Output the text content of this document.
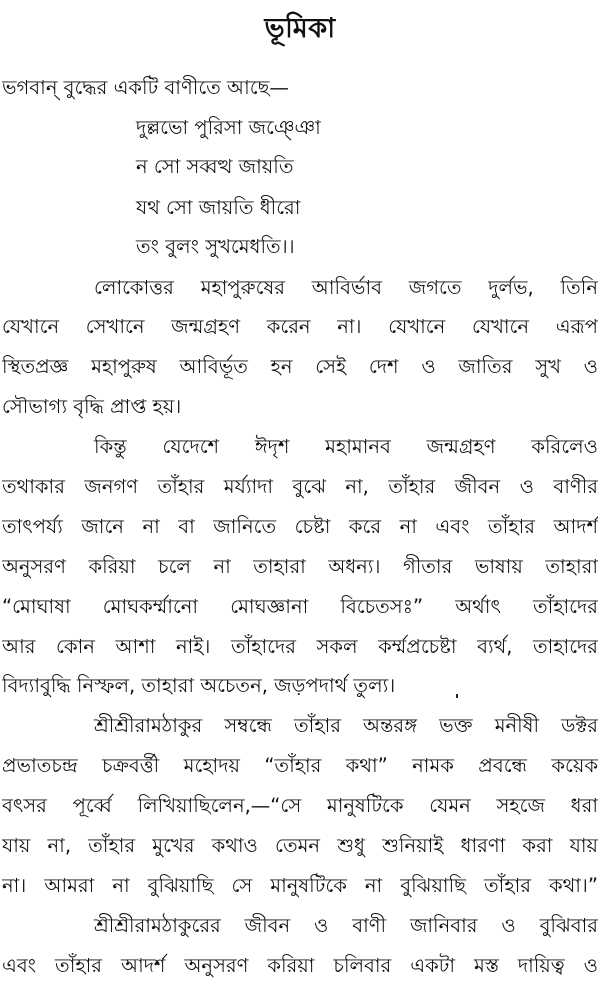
ভূমিকা
ভগবান্ বুদ্ধের একটি বাণীতে আছে—
দুল্লভো পুরিসা জঞ্ঞো
ন সো সব্বত্থ জায়তি
যথ সো জায়তি ধীরো
তং বুলং সুখমেধতি।।
লোকোত্তর মহাপুরুষের আবির্ভাব জগতে দুর্লভ, তিনি
যেখানে সেখানে জন্মগ্রহণ করেন না। যেখানে যেখানে এরূপ
স্থিতপ্রজ্ঞ মহাপুরুষ আবির্ভূত হন সেই দেশ ও জাতির সুখ ও
সৌভাগ্য বৃদ্ধি প্রাপ্ত হয়।
কিন্তু যেদেশে ঈদৃশ মহামানব জন্মগ্রহণ করিলেও
তথাকার জনগণ তাঁহার মর্য্যাদা বুঝে না, তাঁহার জীবন ও বাণীর
তাৎপর্য্য জানে না বা জানিতে চেষ্টা করে না এবং তাঁহার আদর্শ
অনুসরণ করিয়া চলে না তাহারা অধন্য। গীতার ভাষায় তাহারা
“মোঘাষা মোঘকর্ম্মানো মোঘজ্ঞানা বিচেতসঃ” অর্থাৎ তাঁহাদের
আর কোন আশা নাই। তাঁহাদের সকল কর্ম্মপ্রচেষ্টা ব্যর্থ, তাহাদের
বিদ্যাবুদ্ধি নিস্ফল, তাহারা অচেতন, জড়পদার্থ তুল্য।
শ্রীশ্রীরামঠাকুর সম্বন্ধে তাঁহার অন্তরঙ্গ ভক্ত মনীষী ডক্টর
প্রভাতচন্দ্র চক্রবর্ত্তী মহোদয় “তাঁহার কথা” নামক প্রবন্ধে কয়েক
বৎসর পূর্ব্বে লিখিয়াছিলেন,—“সে মানুষটিকে যেমন সহজে ধরা
যায় না, তাঁহার মুখের কথাও তেমন শুধু শুনিয়াই ধারণা করা যায়
না। আমরা না বুঝিয়াছি সে মানুষটিকে না বুঝিয়াছি তাঁহার কথা।”
শ্রীশ্রীরামঠাকুরের জীবন ও বাণী জানিবার ও বুঝিবার
এবং তাঁহার আদর্শ অনুসরণ করিয়া চলিবার একটা মস্ত দায়িত্ব ও
